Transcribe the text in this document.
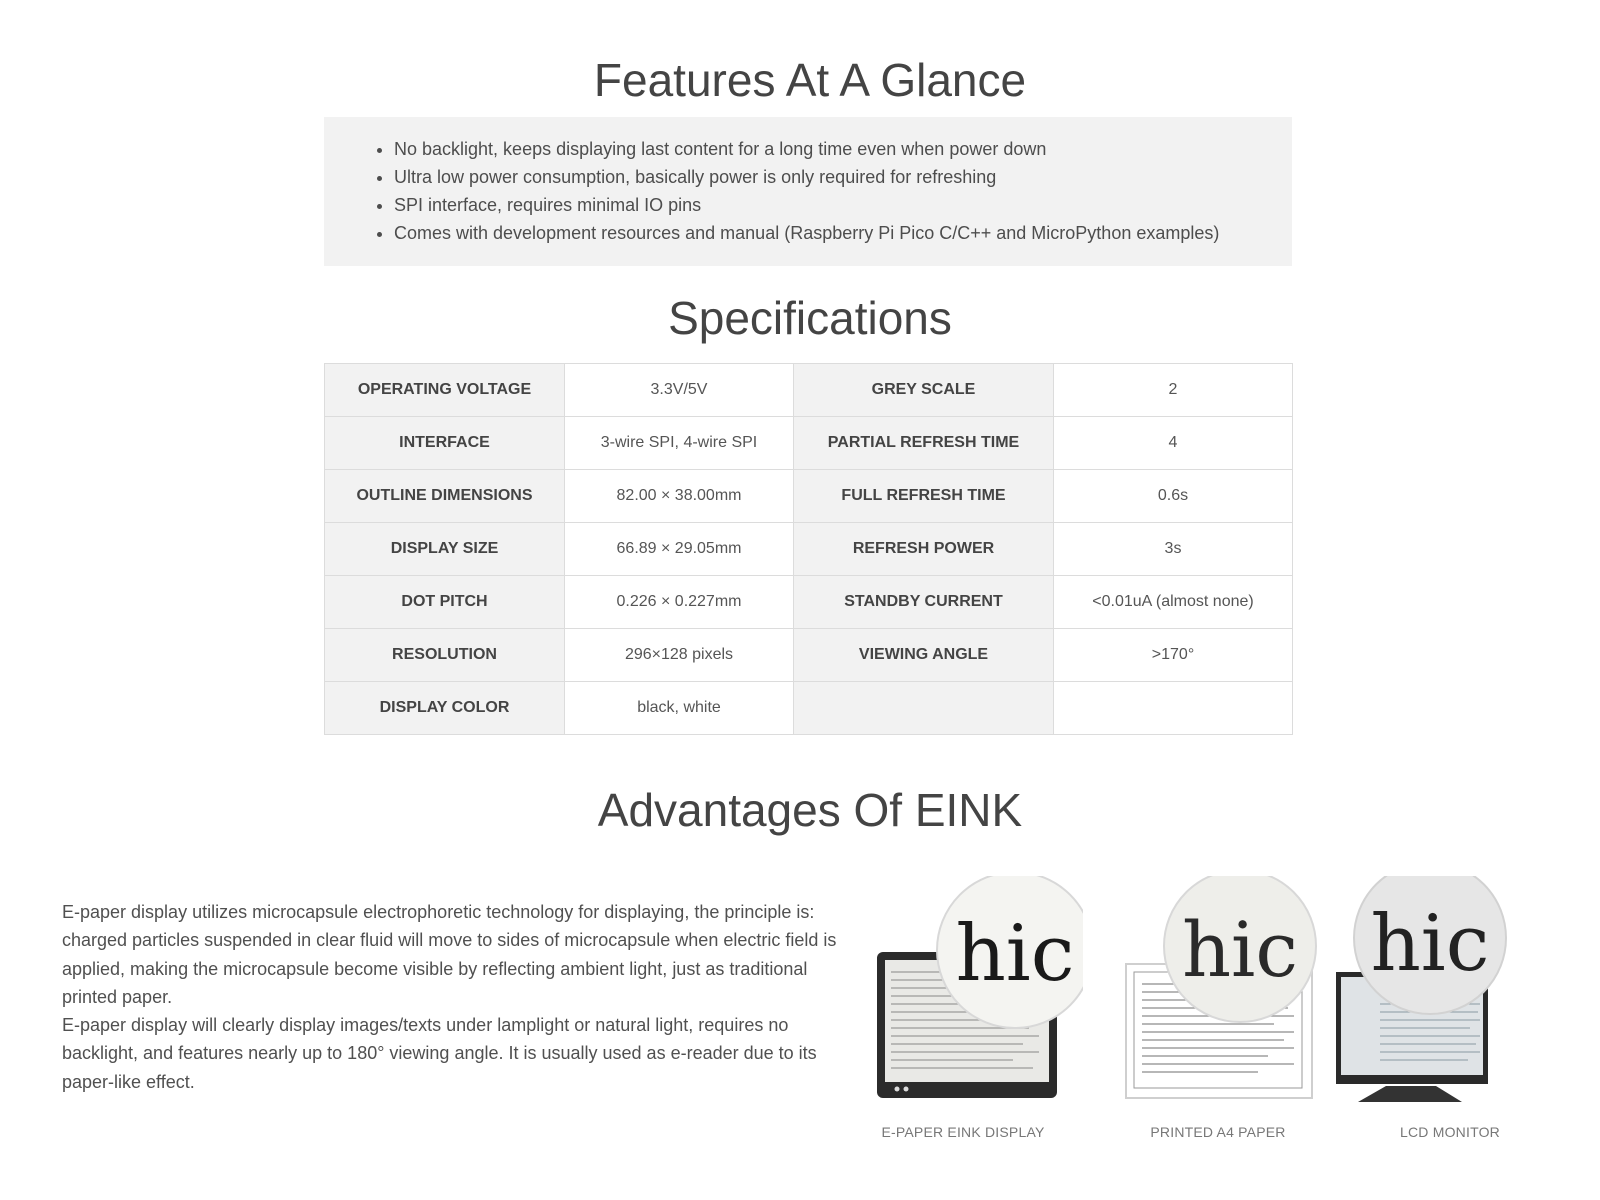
Features At A Glance
• No backlight, keeps displaying last content for a long time even when power down
• Ultra low power consumption, basically power is only required for refreshing
• SPI interface, requires minimal IO pins
• Comes with development resources and manual (Raspberry Pi Pico C/C++ and MicroPython examples)
Specifications
OPERATING VOLTAGE	3.3V/5V	GREY SCALE	2
INTERFACE	3-wire SPI, 4-wire SPI	PARTIAL REFRESH TIME	4
OUTLINE DIMENSIONS	82.00 × 38.00mm	FULL REFRESH TIME	0.6s
DISPLAY SIZE	66.89 × 29.05mm	REFRESH POWER	3s
DOT PITCH	0.226 × 0.227mm	STANDBY CURRENT	<0.01uA (almost none)
RESOLUTION	296×128 pixels	VIEWING ANGLE	>170°
DISPLAY COLOR	black, white		
Advantages Of EINK

E-paper display utilizes microcapsule electrophoretic technology for displaying, the principle is: charged particles suspended in clear fluid will move to sides of microcapsule when electric field is applied, making the microcapsule become visible by reflecting ambient light, just as traditional printed paper.

E-paper display will clearly display images/texts under lamplight or natural light, requires no backlight, and features nearly up to 180° viewing angle. It is usually used as e-reader due to its paper-like effect.

hic
E-PAPER EINK DISPLAY
hic
PRINTED A4 PAPER
hic
LCD MONITOR
